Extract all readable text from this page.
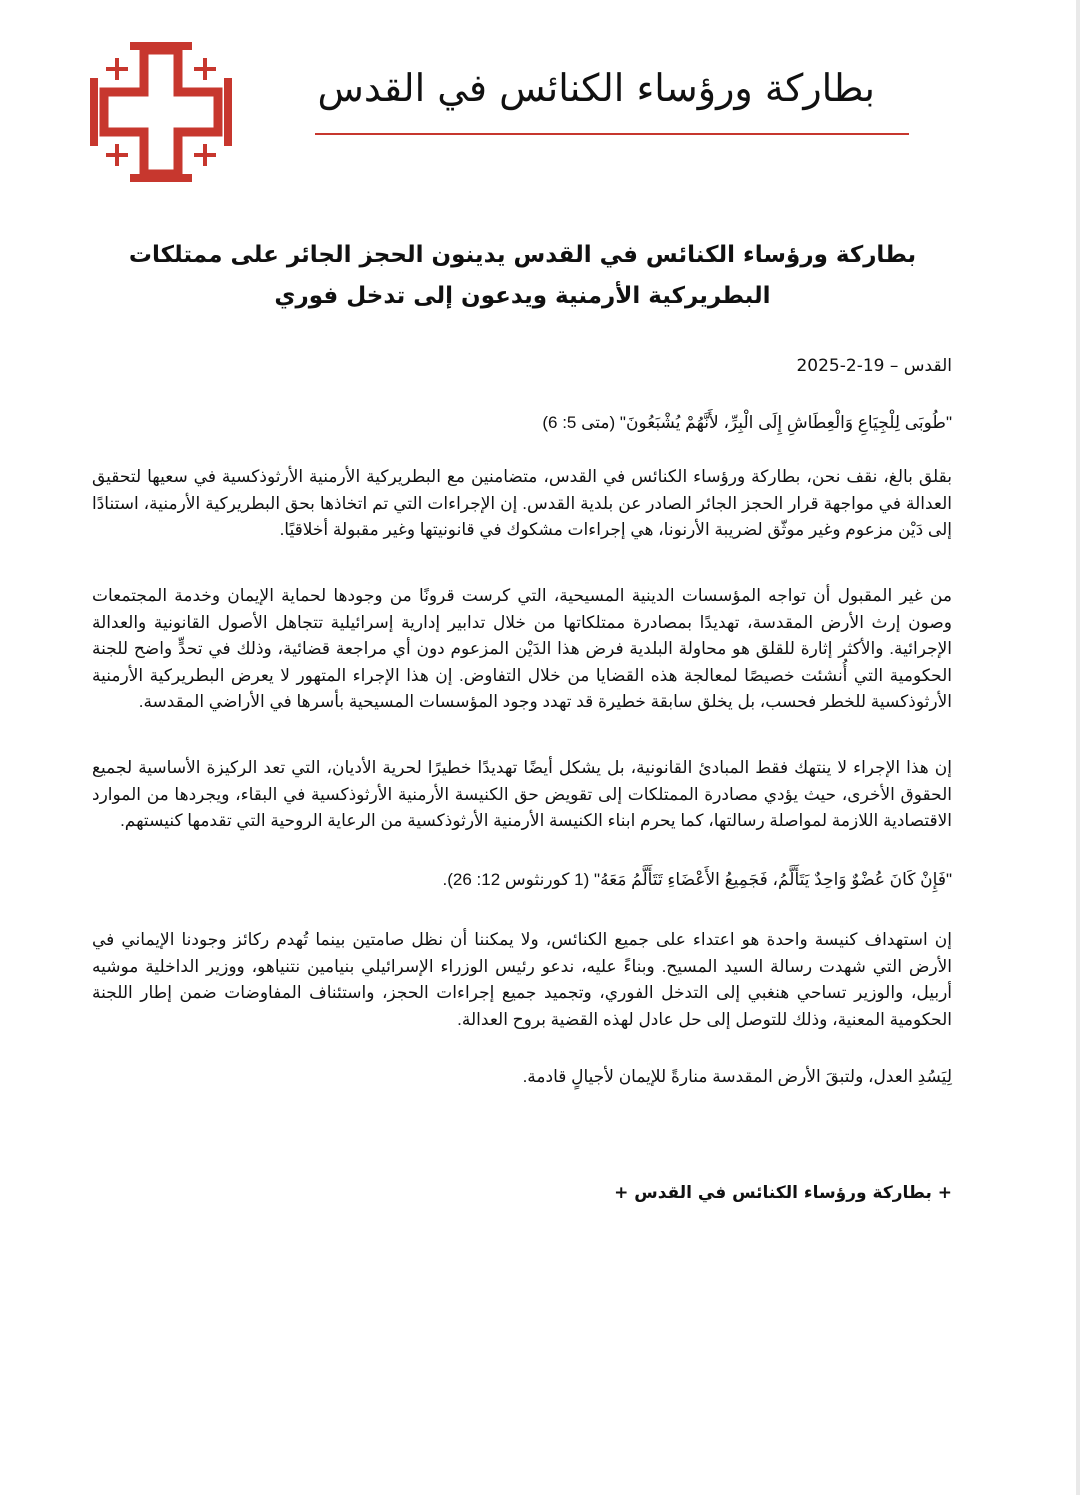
بطاركة ورؤساء الكنائس في القدس
بطاركة ورؤساء الكنائس في القدس يدينون الحجز الجائر على ممتلكات البطريركية الأرمنية ويدعون إلى تدخل فوري

القدس – 19-2-2025

"طُوبَى لِلْجِيَاعِ وَالْعِطَاشِ إِلَى الْبِرِّ، لأَنَّهُمْ يُشْبَعُونَ" (متى 5: 6)

بقلق بالغ، نقف نحن، بطاركة ورؤساء الكنائس في القدس، متضامنين مع البطريركية الأرمنية الأرثوذكسية في سعيها لتحقيق العدالة في مواجهة قرار الحجز الجائر الصادر عن بلدية القدس. إن الإجراءات التي تم اتخاذها بحق البطريركية الأرمنية، استنادًا إلى دَيْن مزعوم وغير موثّق لضريبة الأرنونا، هي إجراءات مشكوك في قانونيتها وغير مقبولة أخلاقيًا.

من غير المقبول أن تواجه المؤسسات الدينية المسيحية، التي كرست قرونًا من وجودها لحماية الإيمان وخدمة المجتمعات وصون إرث الأرض المقدسة، تهديدًا بمصادرة ممتلكاتها من خلال تدابير إدارية إسرائيلية تتجاهل الأصول القانونية والعدالة الإجرائية. والأكثر إثارة للقلق هو محاولة البلدية فرض هذا الدَيْن المزعوم دون أي مراجعة قضائية، وذلك في تحدٍّ واضح للجنة الحكومية التي أُنشئت خصيصًا لمعالجة هذه القضايا من خلال التفاوض. إن هذا الإجراء المتهور لا يعرض البطريركية الأرمنية الأرثوذكسية للخطر فحسب، بل يخلق سابقة خطيرة قد تهدد وجود المؤسسات المسيحية بأسرها في الأراضي المقدسة.

إن هذا الإجراء لا ينتهك فقط المبادئ القانونية، بل يشكل أيضًا تهديدًا خطيرًا لحرية الأديان، التي تعد الركيزة الأساسية لجميع الحقوق الأخرى، حيث يؤدي مصادرة الممتلكات إلى تقويض حق الكنيسة الأرمنية الأرثوذكسية في البقاء، ويجردها من الموارد الاقتصادية اللازمة لمواصلة رسالتها، كما يحرم ابناء الكنيسة الأرمنية الأرثوذكسية من الرعاية الروحية التي تقدمها كنيستهم.

"فَإِنْ كَانَ عُضْوٌ وَاحِدٌ يَتَأَلَّمُ، فَجَمِيعُ الأَعْضَاءِ تَتَأَلَّمُ مَعَهُ" (1 كورنثوس 12: 26).

إن استهداف كنيسة واحدة هو اعتداء على جميع الكنائس، ولا يمكننا أن نظل صامتين بينما تُهدم ركائز وجودنا الإيماني في الأرض التي شهدت رسالة السيد المسيح. وبناءً عليه، ندعو رئيس الوزراء الإسرائيلي بنيامين نتنياهو، ووزير الداخلية موشيه أربيل، والوزير تساحي هنغبي إلى التدخل الفوري، وتجميد جميع إجراءات الحجز، واستئناف المفاوضات ضمن إطار اللجنة الحكومية المعنية، وذلك للتوصل إلى حل عادل لهذه القضية بروح العدالة.

لِيَسُدِ العدل، ولتبقَ الأرض المقدسة منارةً للإيمان لأجيالٍ قادمة.

+ بطاركة ورؤساء الكنائس في القدس +
